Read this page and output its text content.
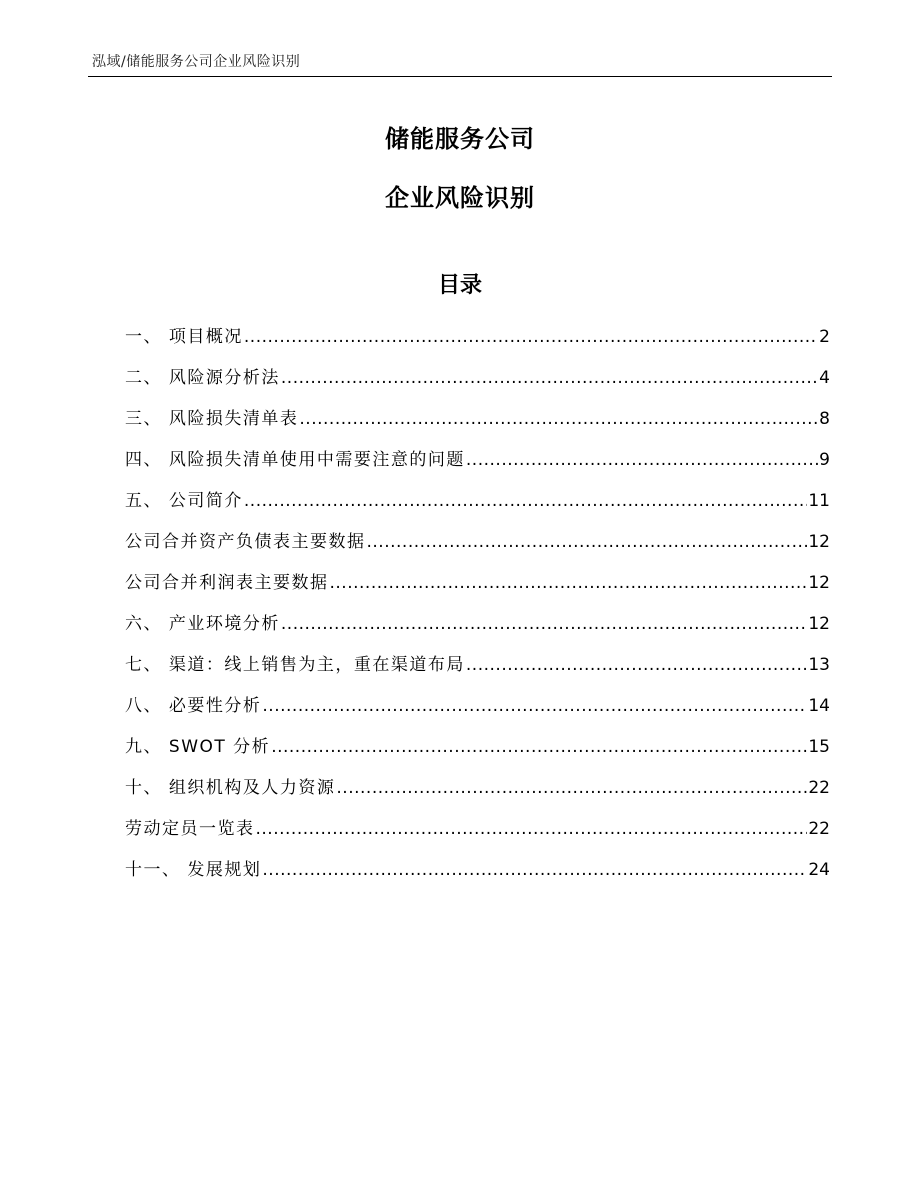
泓域/储能服务公司企业风险识别
储能服务公司
企业风险识别
目录
一、 项目概况 .....	2
二、 风险源分析法 .....	4
三、 风险损失清单表 .....	8
四、 风险损失清单使用中需要注意的问题 .....	9
五、 公司简介 .....	11
公司合并资产负债表主要数据 .....	12
公司合并利润表主要数据 .....	12
六、 产业环境分析 .....	12
七、 渠道：线上销售为主，重在渠道布局 .....	13
八、 必要性分析 .....	14
九、 SWOT 分析 .....	15
十、 组织机构及人力资源 .....	22
劳动定员一览表 .....	22
十一、 发展规划 .....	24
